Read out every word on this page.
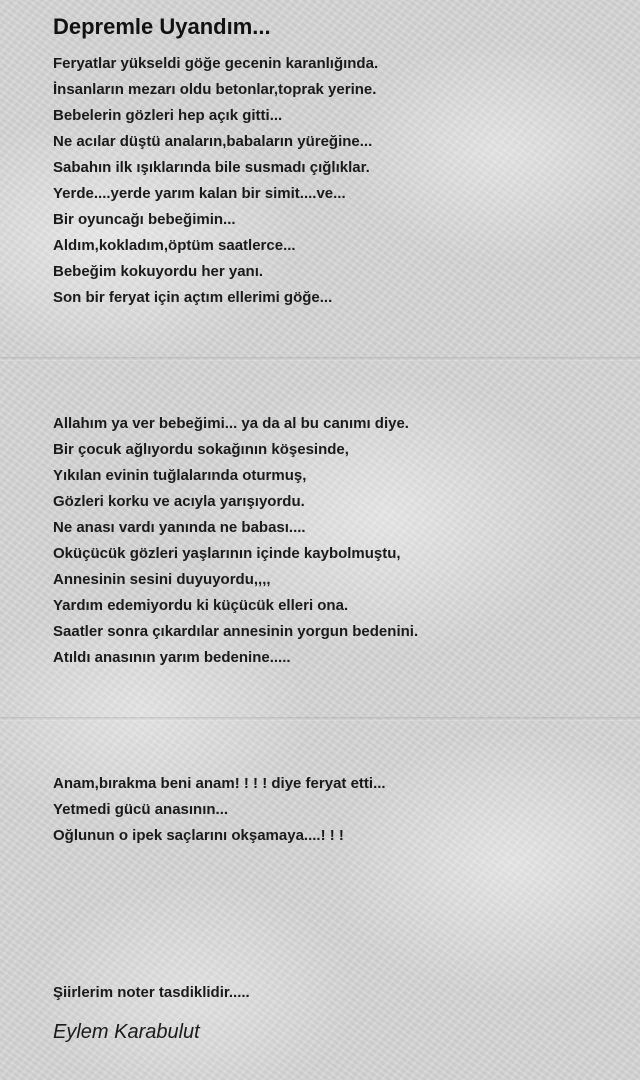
Depremle Uyandım...
Feryatlar yükseldi göğe gecenin karanlığında.
İnsanların mezarı oldu betonlar,toprak yerine.
Bebelerin gözleri hep açık gitti...
Ne acılar düştü anaların,babaların yüreğine...
Sabahın ilk ışıklarında bile susmadı çığlıklar.
Yerde....yerde yarım kalan bir simit....ve...
Bir oyuncağı bebeğimin...
Aldım,kokladım,öptüm saatlerce...
Bebeğim kokuyordu her yanı.
Son bir feryat için açtım ellerimi göğe...
Allahım ya ver bebeğimi... ya da al bu canımı diye.
Bir çocuk ağlıyordu sokağının köşesinde,
Yıkılan evinin tuğlalarında oturmuş,
Gözleri korku ve acıyla yarışıyordu.
Ne anası vardı yanında ne babası....
Oküçücük gözleri yaşlarının içinde kaybolmuştu,
Annesinin sesini duyuyordu,,,,
Yardım edemiyordu ki küçücük elleri ona.
Saatler sonra çıkardılar annesinin yorgun bedenini.
Atıldı anasının yarım bedenine.....
Anam,bırakma beni anam! ! ! ! diye feryat etti...
Yetmedi gücü anasının...
Oğlunun o ipek saçlarını okşamaya....! ! !

Şiirlerim noter tasdiklidir.....

Eylem Karabulut
